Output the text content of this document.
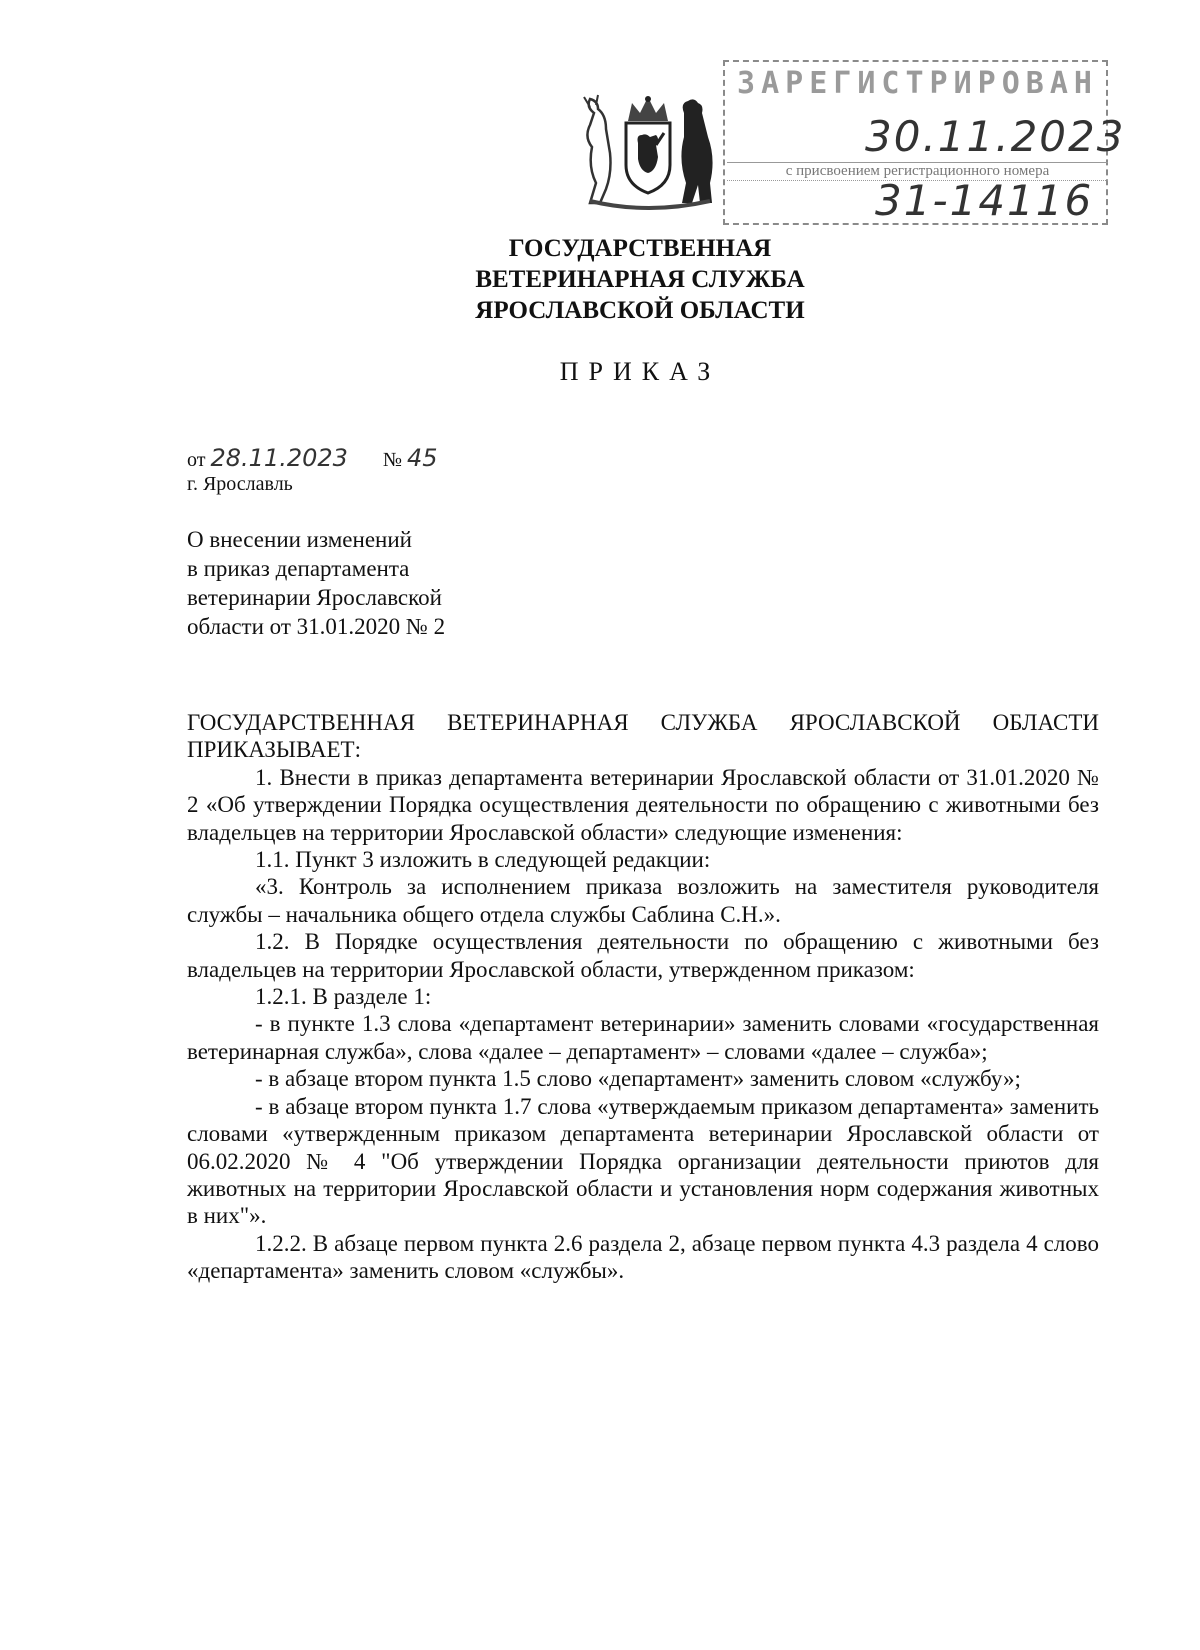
ЗАРЕГИСТРИРОВАН
30.11.2023
с присвоением регистрационного номера
31-14116
ГОСУДАРСТВЕННАЯ
ВЕТЕРИНАРНАЯ СЛУЖБА
ЯРОСЛАВСКОЙ ОБЛАСТИ
ПРИКАЗ
от 28.11.2023 № 45
г. Ярославль
О внесении изменений
в приказ департамента
ветеринарии Ярославской
области от 31.01.2020 № 2

ГОСУДАРСТВЕННАЯ ВЕТЕРИНАРНАЯ СЛУЖБА ЯРОСЛАВСКОЙ ОБЛАСТИ ПРИКАЗЫВАЕТ:

1. Внести в приказ департамента ветеринарии Ярославской области от 31.01.2020 № 2 «Об утверждении Порядка осуществления деятельности по обращению с животными без владельцев на территории Ярославской области» следующие изменения:

1.1. Пункт 3 изложить в следующей редакции:

«3. Контроль за исполнением приказа возложить на заместителя руководителя службы – начальника общего отдела службы Саблина С.Н.».

1.2. В Порядке осуществления деятельности по обращению с животными без владельцев на территории Ярославской области, утвержденном приказом:

1.2.1. В разделе 1:

- в пункте 1.3 слова «департамент ветеринарии» заменить словами «государственная ветеринарная служба», слова «далее – департамент» – словами «далее – служба»;

- в абзаце втором пункта 1.5 слово «департамент» заменить словом «службу»;

- в абзаце втором пункта 1.7 слова «утверждаемым приказом департамента» заменить словами «утвержденным приказом департамента ветеринарии Ярославской области от 06.02.2020 № 4 "Об утверждении Порядка организации деятельности приютов для животных на территории Ярославской области и установления норм содержания животных в них"».

1.2.2. В абзаце первом пункта 2.6 раздела 2, абзаце первом пункта 4.3 раздела 4 слово «департамента» заменить словом «службы».
